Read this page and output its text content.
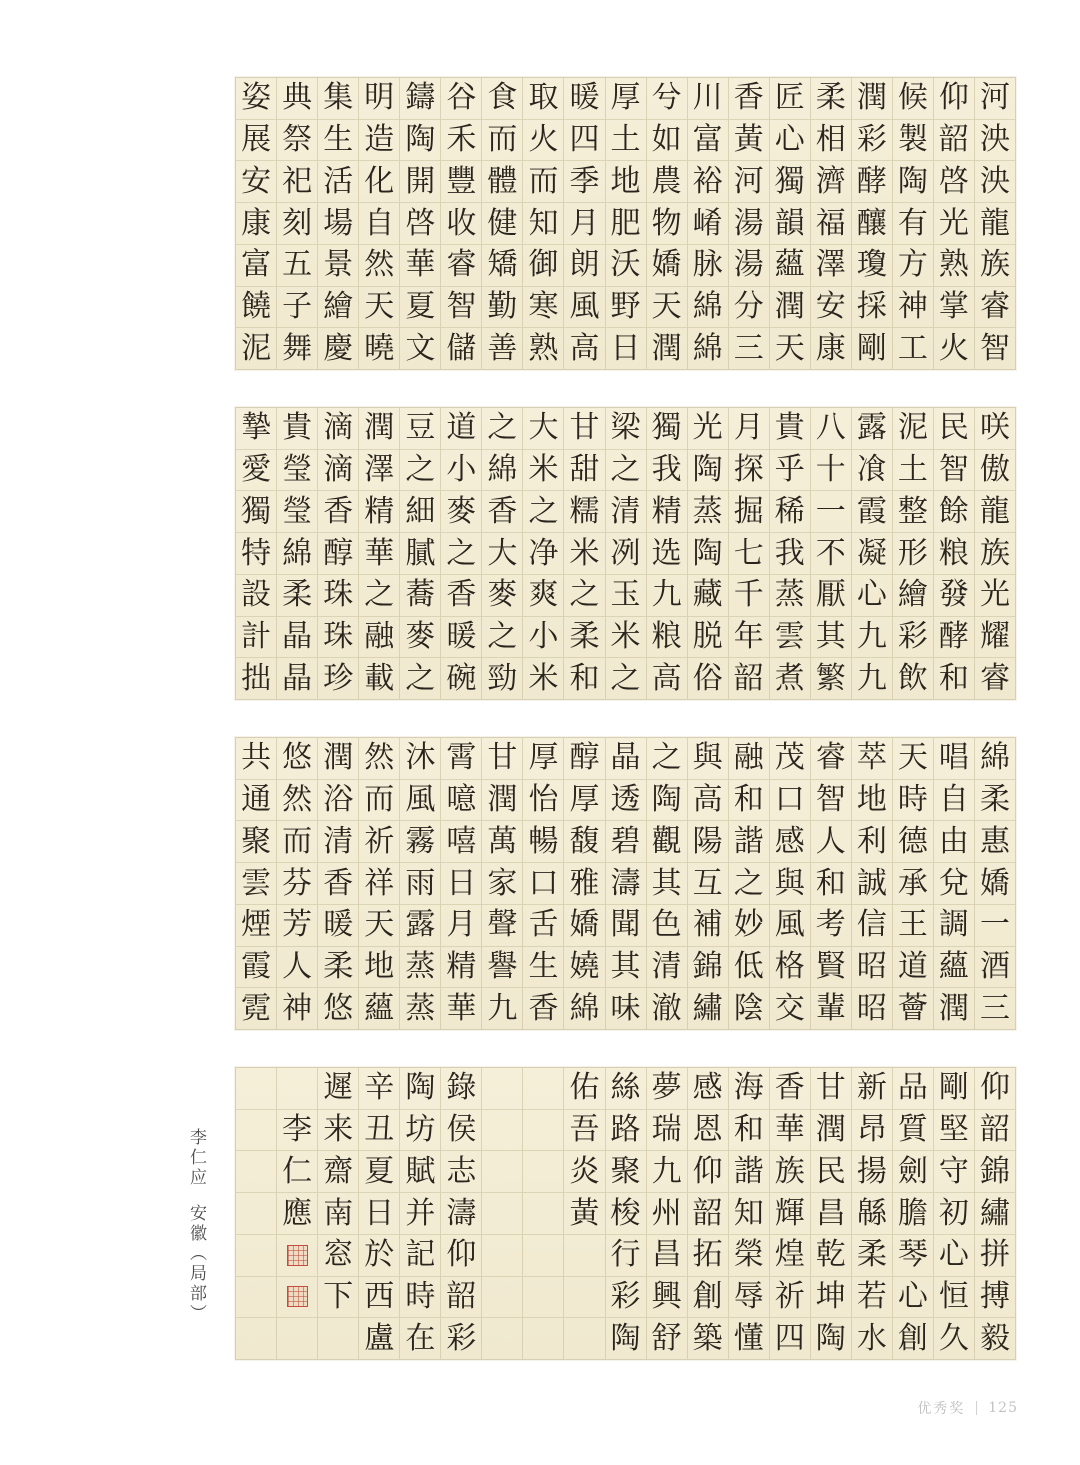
河
泱
泱
龍
族
睿
智
仰
韶
啓
光
熟
掌
火
候
製
陶
有
方
神
工
潤
彩
酵
釀
瓊
採
剛
柔
相
濟
福
澤
安
康
匠
心
獨
韻
蘊
潤
天
香
黃
河
湯
湯
分
三
川
富
裕
崤
脉
綿
綿
兮
如
農
物
嬌
天
潤
厚
土
地
肥
沃
野
日
暖
四
季
月
朗
風
高
取
火
而
知
御
寒
熟
食
而
體
健
矯
勤
善
谷
禾
豐
收
睿
智
儲
鑄
陶
開
啓
華
夏
文
明
造
化
自
然
天
曉
集
生
活
場
景
繪
慶
典
祭
祀
刻
五
子
舞
姿
展
安
康
富
饒
泥
咲
傲
龍
族
光
耀
睿
民
智
餘
粮
發
酵
和
泥
土
整
形
繪
彩
飲
露
飡
霞
凝
心
九
九
八
十
一
不
厭
其
繁
貴
乎
稀
我
蒸
雲
煮
月
探
掘
七
千
年
韶
光
陶
蒸
陶
藏
脱
俗
獨
我
精
选
九
粮
高
梁
之
清
冽
玉
米
之
甘
甜
糯
米
之
柔
和
大
米
之
净
爽
小
米
之
綿
香
大
麥
之
勁
道
小
麥
之
香
暖
碗
豆
之
細
膩
蕎
麥
之
潤
澤
精
華
之
融
載
滴
滴
香
醇
珠
珠
珍
貴
瑩
瑩
綿
柔
晶
晶
摯
愛
獨
特
設
計
拙
綿
柔
惠
嬌
一
酒
三
唱
自
由
兌
調
蘊
潤
天
時
德
承
王
道
薈
萃
地
利
誠
信
昭
昭
睿
智
人
和
考
賢
輩
茂
口
感
與
風
格
交
融
和
諧
之
妙
低
陰
與
高
陽
互
補
錦
繡
之
陶
觀
其
色
清
澈
晶
透
碧
濤
聞
其
味
醇
厚
馥
雅
嬌
嬈
綿
厚
怡
暢
口
舌
生
香
甘
潤
萬
家
聲
譽
九
霄
噫
嘻
日
月
精
華
沐
風
霧
雨
露
蒸
蒸
然
而
祈
祥
天
地
蘊
潤
浴
清
香
暖
柔
悠
悠
然
而
芬
芳
人
神
共
通
聚
雲
煙
霞
霓
仰
韶
錦
繡
拼
搏
毅
剛
堅
守
初
心
恒
久
品
質
劍
膽
琴
心
創
新
昂
揚
緜
柔
若
水
甘
潤
民
昌
乾
坤
陶
香
華
族
輝
煌
祈
四
海
和
諧
知
榮
辱
懂
感
恩
仰
韶
拓
創
築
夢
瑞
九
州
昌
興
舒
絲
路
聚
梭
行
彩
陶
佑
吾
炎
黃
錄
侯
志
濤
仰
韶
彩
陶
坊
賦
并
記
時
在
辛
丑
夏
日
於
西
盧
遲
来
齋
南
窓
下
李
仁
應
李仁应安徽（局部）
优秀奖 125
